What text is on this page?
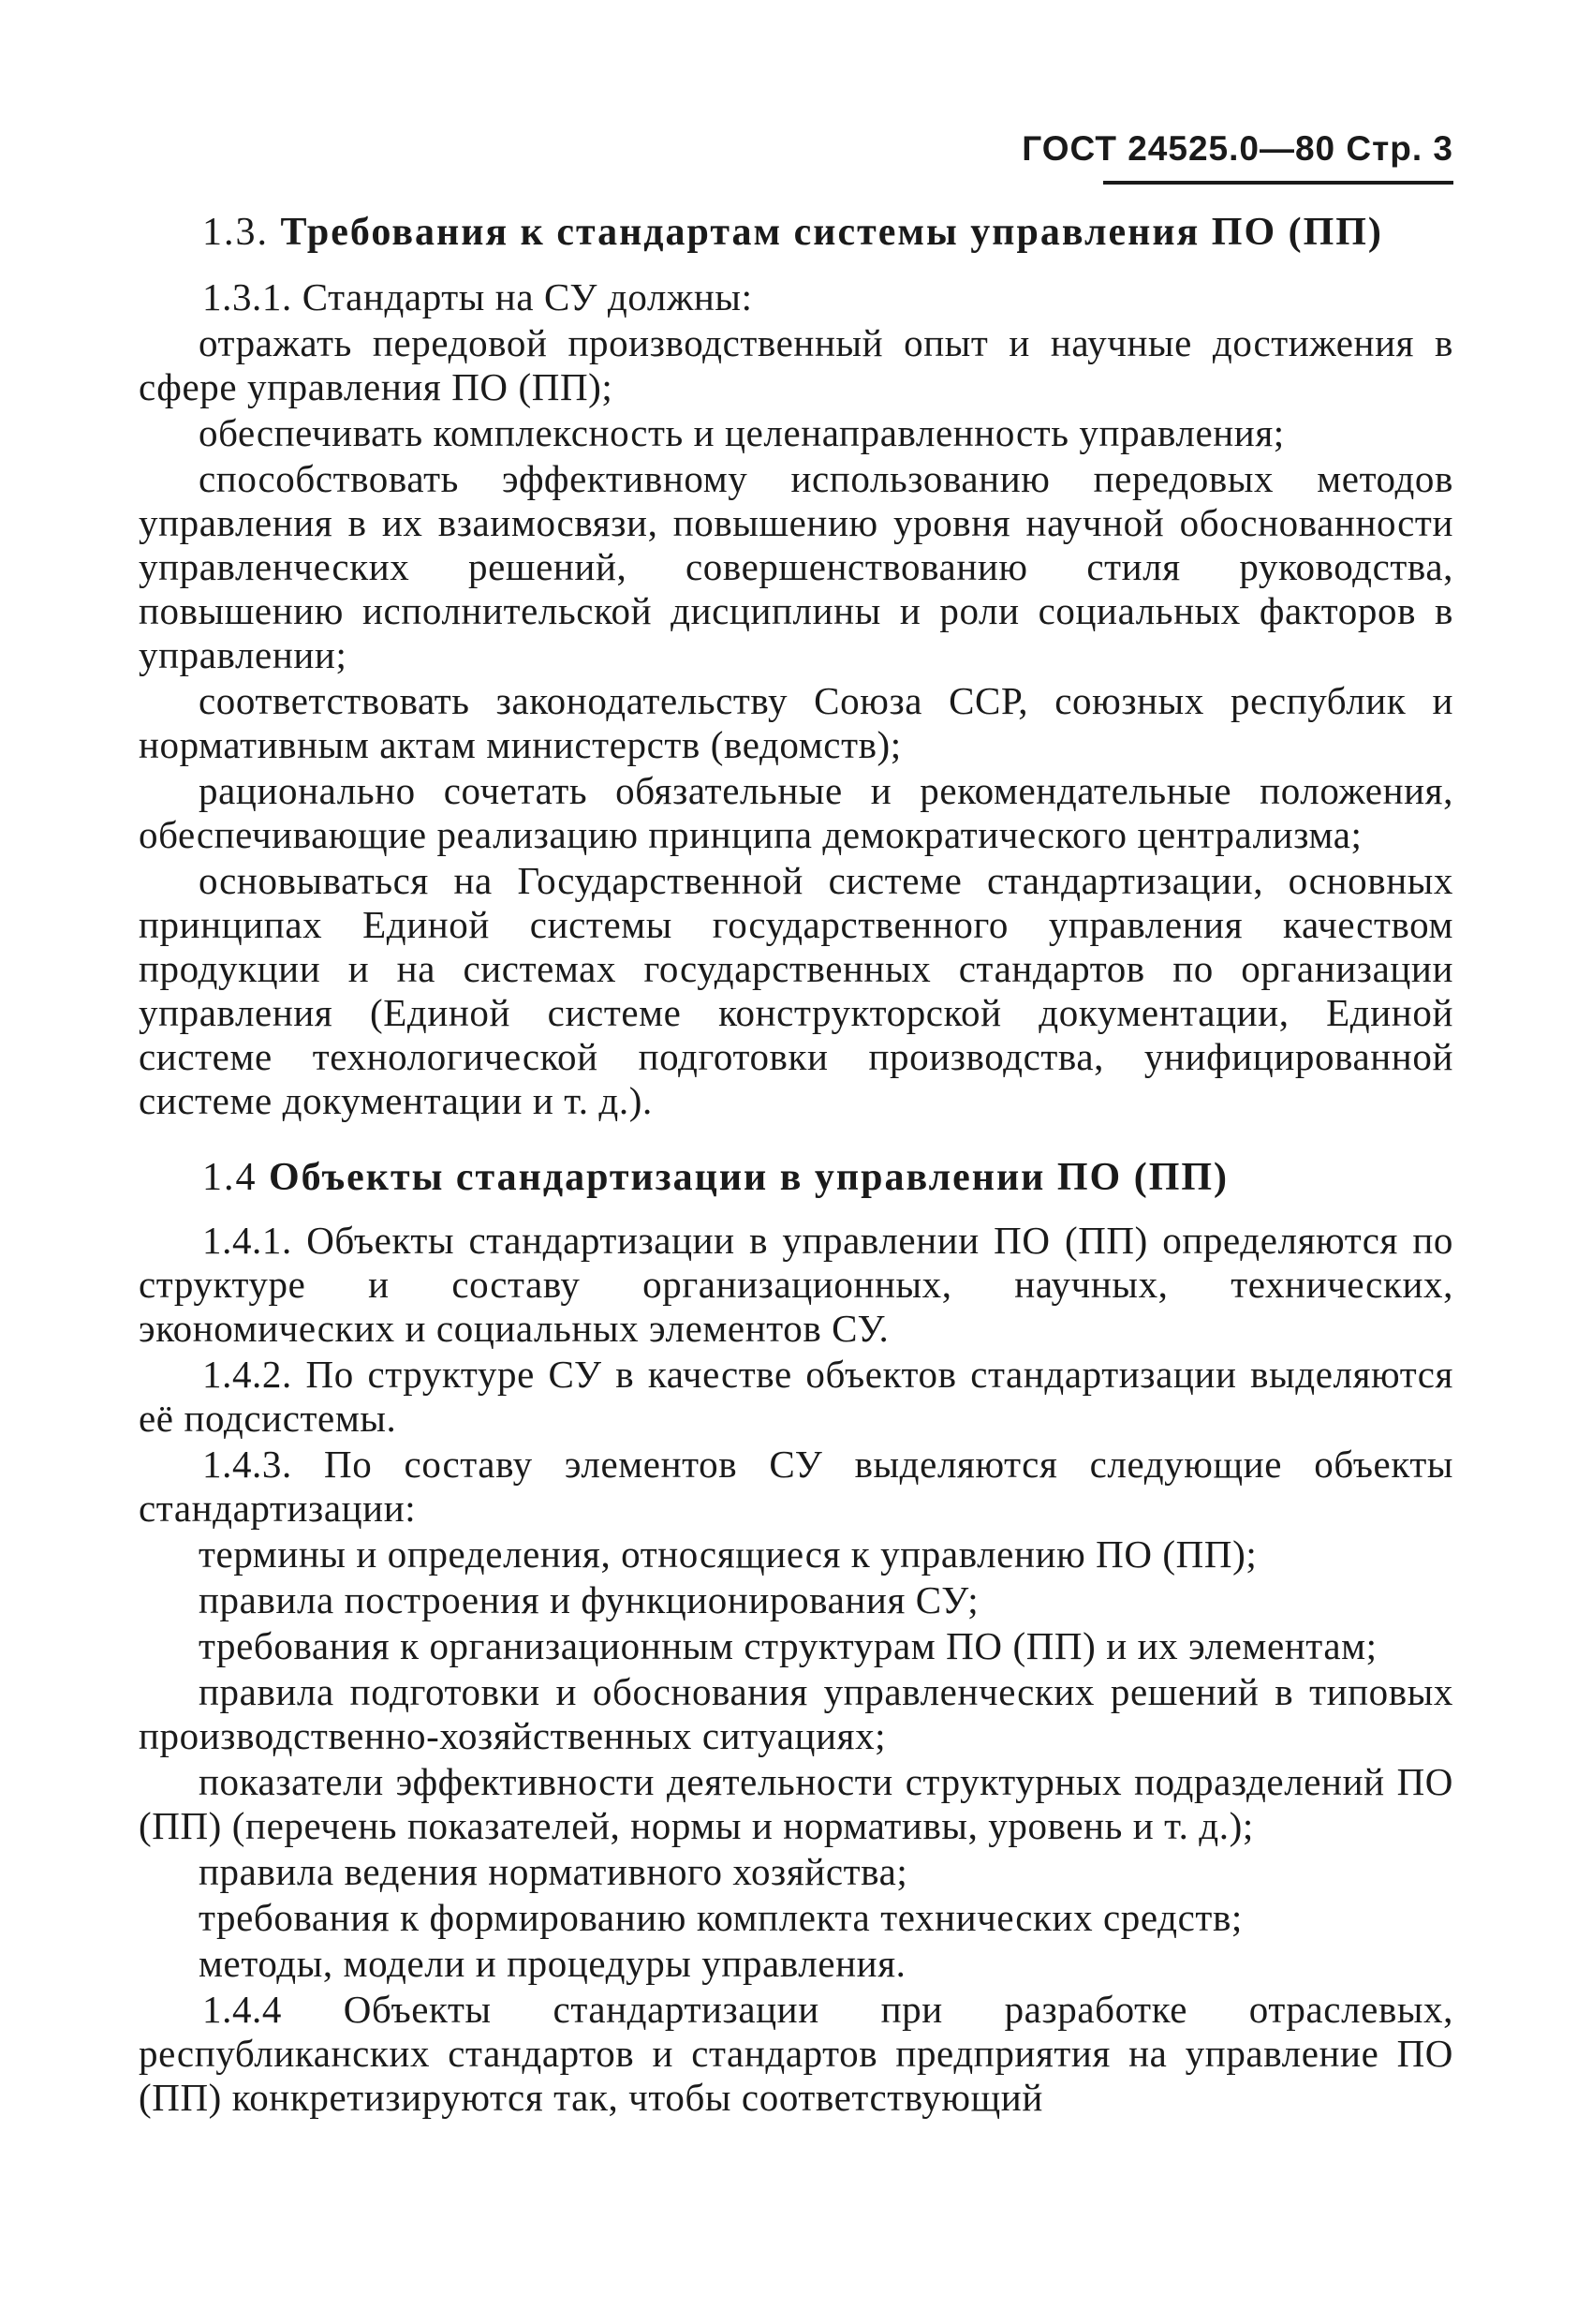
ГОСТ 24525.0—80 Стр. 3
1.3. Требования к стандартам системы управления ПО (ПП)

1.3.1. Стандарты на СУ должны:

отражать передовой производственный опыт и научные достижения в сфере управления ПО (ПП);

обеспечивать комплексность и целенаправленность управления;

способствовать эффективному использованию передовых методов управления в их взаимосвязи, повышению уровня научной обоснованности управленческих решений, совершенствованию стиля руководства, повышению исполнительской дисциплины и роли социальных факторов в управлении;

соответствовать законодательству Союза ССР, союзных республик и нормативным актам министерств (ведомств);

рационально сочетать обязательные и рекомендательные положения, обеспечивающие реализацию принципа демократического централизма;

основываться на Государственной системе стандартизации, основных принципах Единой системы государственного управления качеством продукции и на системах государственных стандартов по организации управления (Единой системе конструкторской документации, Единой системе технологической подготовки производства, унифицированной системе документации и т. д.).

1.4 Объекты стандартизации в управлении ПО (ПП)

1.4.1. Объекты стандартизации в управлении ПО (ПП) определяются по структуре и составу организационных, научных, технических, экономических и социальных элементов СУ.

1.4.2. По структуре СУ в качестве объектов стандартизации выделяются её подсистемы.

1.4.3. По составу элементов СУ выделяются следующие объекты стандартизации:

термины и определения, относящиеся к управлению ПО (ПП);

правила построения и функционирования СУ;

требования к организационным структурам ПО (ПП) и их элементам;

правила подготовки и обоснования управленческих решений в типовых производственно-хозяйственных ситуациях;

показатели эффективности деятельности структурных подразделений ПО (ПП) (перечень показателей, нормы и нормативы, уровень и т. д.);

правила ведения нормативного хозяйства;

требования к формированию комплекта технических средств;

методы, модели и процедуры управления.

1.4.4 Объекты стандартизации при разработке отраслевых, республиканских стандартов и стандартов предприятия на управление ПО (ПП) конкретизируются так, чтобы соответствующий
